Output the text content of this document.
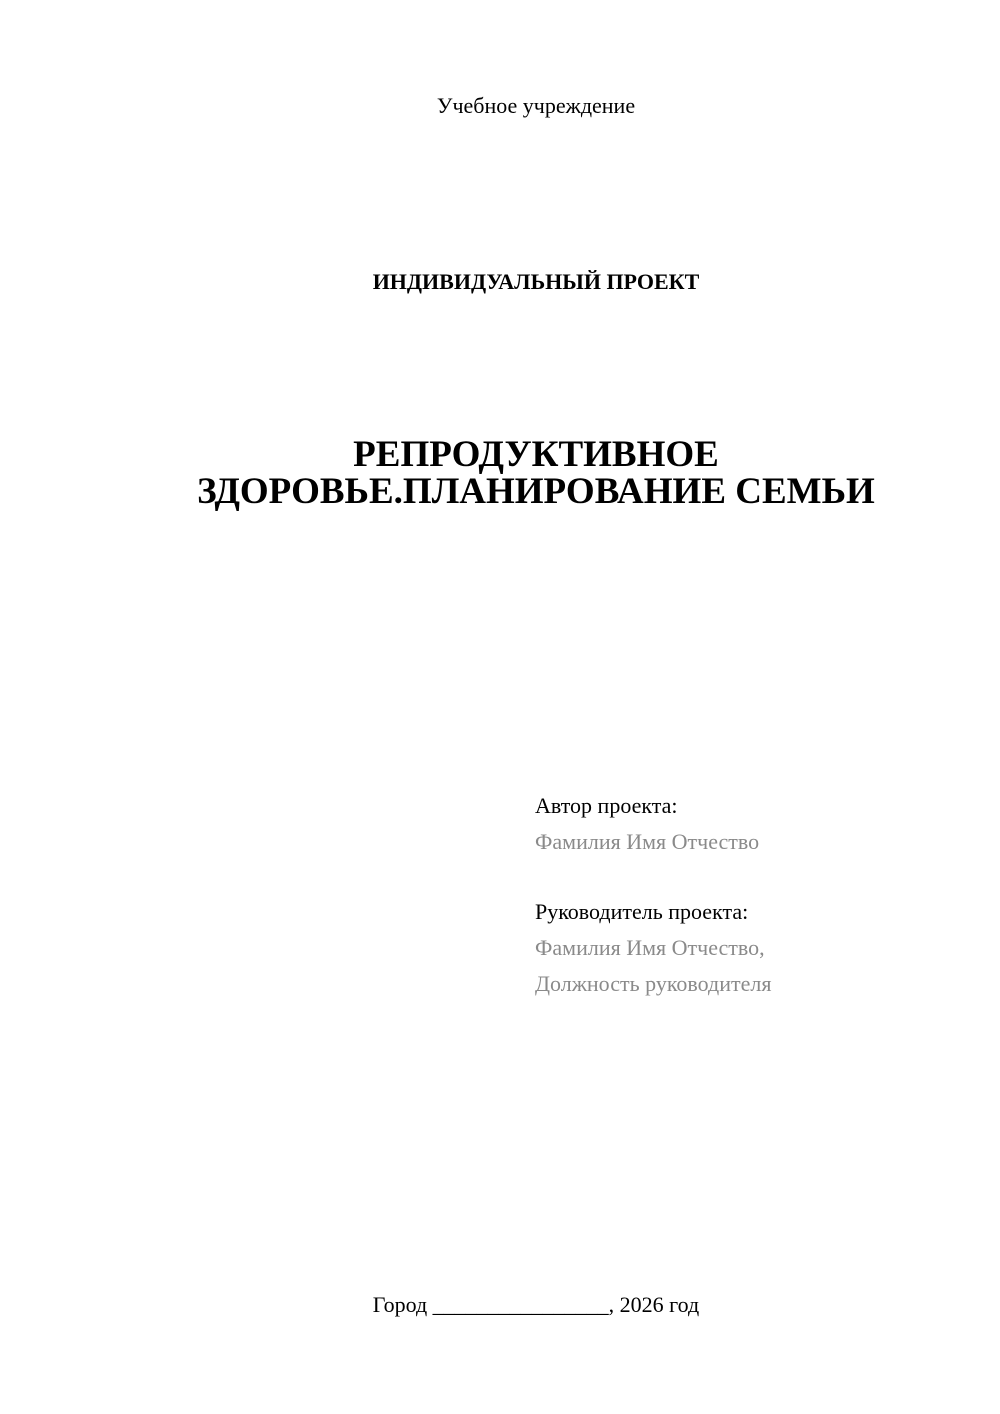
Учебное учреждение
ИНДИВИДУАЛЬНЫЙ ПРОЕКТ
РЕПРОДУКТИВНОЕ
ЗДОРОВЬЕ.ПЛАНИРОВАНИЕ СЕМЬИ
Автор проекта:
Фамилия Имя Отчество
Руководитель проекта:
Фамилия Имя Отчество,
Должность руководителя
Город ________________, 2026 год
